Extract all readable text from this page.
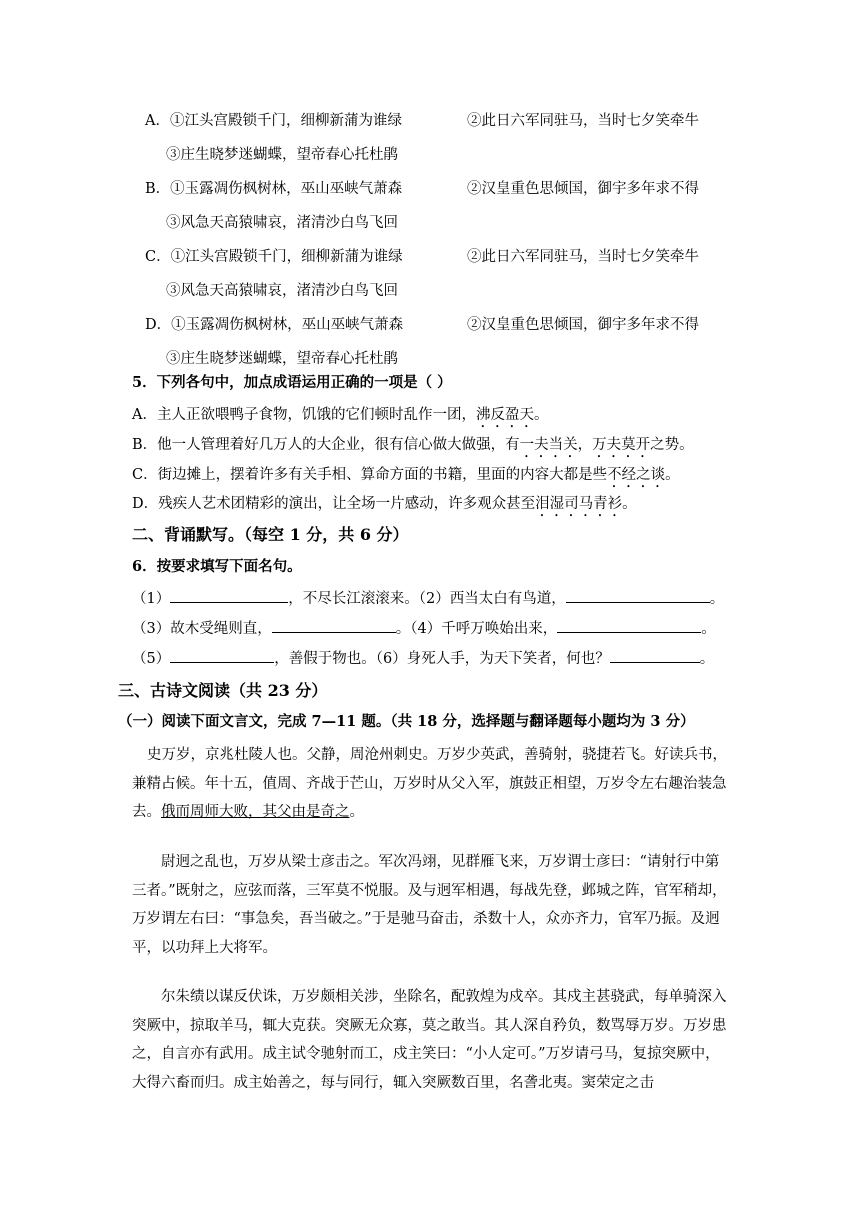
A．①江头宫殿锁千门，细柳新蒲为谁绿	②此日六军同驻马，当时七夕笑牵牛
③庄生晓梦迷蝴蝶，望帝春心托杜鹃
B．①玉露凋伤枫树林，巫山巫峡气萧森	②汉皇重色思倾国，御宇多年求不得
③风急天高猿啸哀，渚清沙白鸟飞回
C．①江头宫殿锁千门，细柳新蒲为谁绿	②此日六军同驻马，当时七夕笑牵牛
③风急天高猿啸哀，渚清沙白鸟飞回
D．①玉露凋伤枫树林，巫山巫峡气萧森	②汉皇重色思倾国，御宇多年求不得
③庄生晓梦迷蝴蝶，望帝春心托杜鹃
5．下列各句中，加点成语运用正确的一项是（ ）
A．主人正欲喂鸭子食物，饥饿的它们顿时乱作一团，沸反盈天。
B．他一人管理着好几万人的大企业，很有信心做大做强，有一夫当关，万夫莫开之势。
C．街边摊上，摆着许多有关手相、算命方面的书籍，里面的内容大都是些不经之谈。
D．残疾人艺术团精彩的演出，让全场一片感动，许多观众甚至泪湿司马青衫。
二、背诵默写。（每空 1 分，共 6 分）
6．按要求填写下面名句。
（1）	，不尽长江滚滚来。（2）西当太白有鸟道，	。
（3）故木受绳则直，	。（4）千呼万唤始出来，	。
（5）	，善假于物也。（6）身死人手，为天下笑者，何也？	。
三、古诗文阅读（共 23 分）
（一）阅读下面文言文，完成 7—11 题。（共 18 分，选择题与翻译题每小题均为 3 分）
史万岁，京兆杜陵人也。父静，周沧州刺史。万岁少英武，善骑射，骁捷若飞。好读兵书，兼精占候。年十五，值周、齐战于芒山，万岁时从父入军，旗鼓正相望，万岁令左右趣治装急去。俄而周师大败，其父由是奇之。
尉迥之乱也，万岁从梁士彦击之。军次冯翊，见群雁飞来，万岁谓士彦曰：“请射行中第三者。”既射之，应弦而落，三军莫不悦服。及与迥军相遇，每战先登，邺城之阵，官军稍却，万岁谓左右曰：“事急矣，吾当破之。”于是驰马奋击，杀数十人，众亦齐力，官军乃振。及迥平，以功拜上大将军。
尔朱绩以谋反伏诛，万岁颇相关涉，坐除名，配敦煌为戍卒。其戍主甚骁武，每单骑深入突厥中，掠取羊马，辄大克获。突厥无众寡，莫之敢当。其人深自矜负，数骂辱万岁。万岁患之，自言亦有武用。成主试令驰射而工，戍主笑曰：“小人定可。”万岁请弓马，复掠突厥中，大得六畜而归。成主始善之，每与同行，辄入突厥数百里，名詟北夷。窦荣定之击
